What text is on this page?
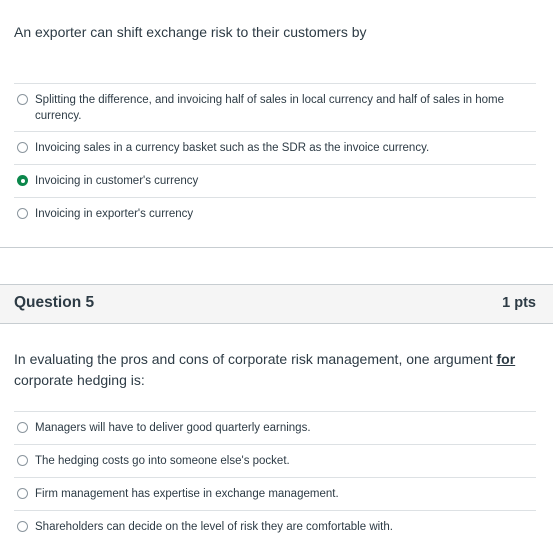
An exporter can shift exchange risk to their customers by
Splitting the difference, and invoicing half of sales in local currency and half of sales in home currency.
Invoicing sales in a currency basket such as the SDR as the invoice currency.
Invoicing in customer's currency
Invoicing in exporter's currency
Question 5	1 pts
In evaluating the pros and cons of corporate risk management, one argument for corporate hedging is:
Managers will have to deliver good quarterly earnings.
The hedging costs go into someone else's pocket.
Firm management has expertise in exchange management.
Shareholders can decide on the level of risk they are comfortable with.
